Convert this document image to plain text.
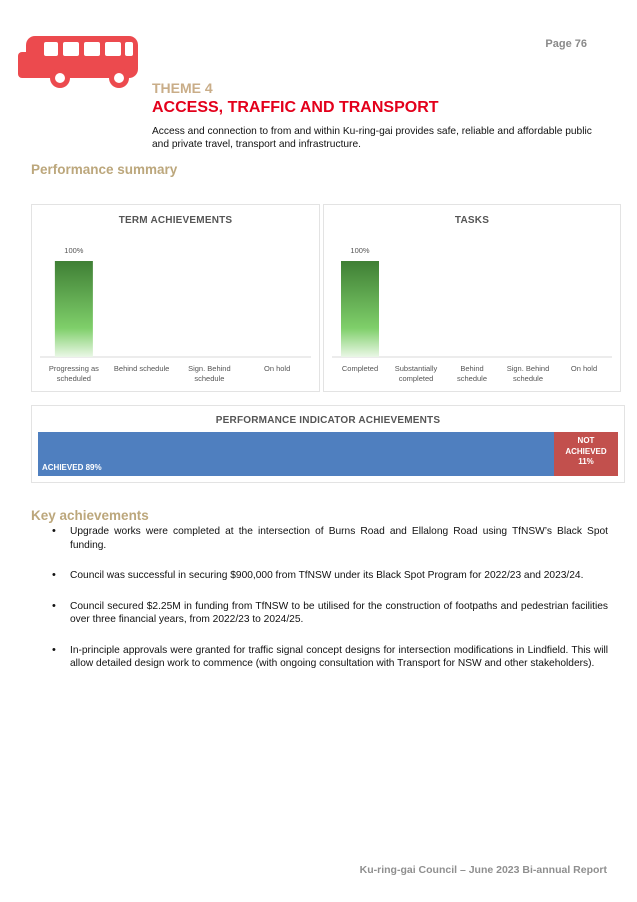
Page 76
THEME 4
ACCESS, TRAFFIC AND TRANSPORT
Access and connection to from and within Ku-ring-gai provides safe, reliable and affordable public and private travel, transport and infrastructure.
Performance summary
TERM ACHIEVEMENTS
100%
Progressing as scheduled
Behind schedule Sign. Behind schedule
On hold
TASKS
100%
Completed Substantially completed
Behind schedule
Sign. Behind schedule
On hold
PERFORMANCE INDICATOR ACHIEVEMENTS
ACHIEVED 89%
NOT
ACHIEVED
11%
Key achievements
• Upgrade works were completed at the intersection of Burns Road and Ellalong Road using TfNSW’s Black Spot funding.
• Council was successful in securing $900,000 from TfNSW under its Black Spot Program for 2022/23 and 2023/24.
• Council secured $2.25M in funding from TfNSW to be utilised for the construction of footpaths and pedestrian facilities over three financial years, from 2022/23 to 2024/25.
• In-principle approvals were granted for traffic signal concept designs for intersection modifications in Lindfield. This will allow detailed design work to commence (with ongoing consultation with Transport for NSW and other stakeholders).
Ku-ring-gai Council – June 2023 Bi-annual Report
